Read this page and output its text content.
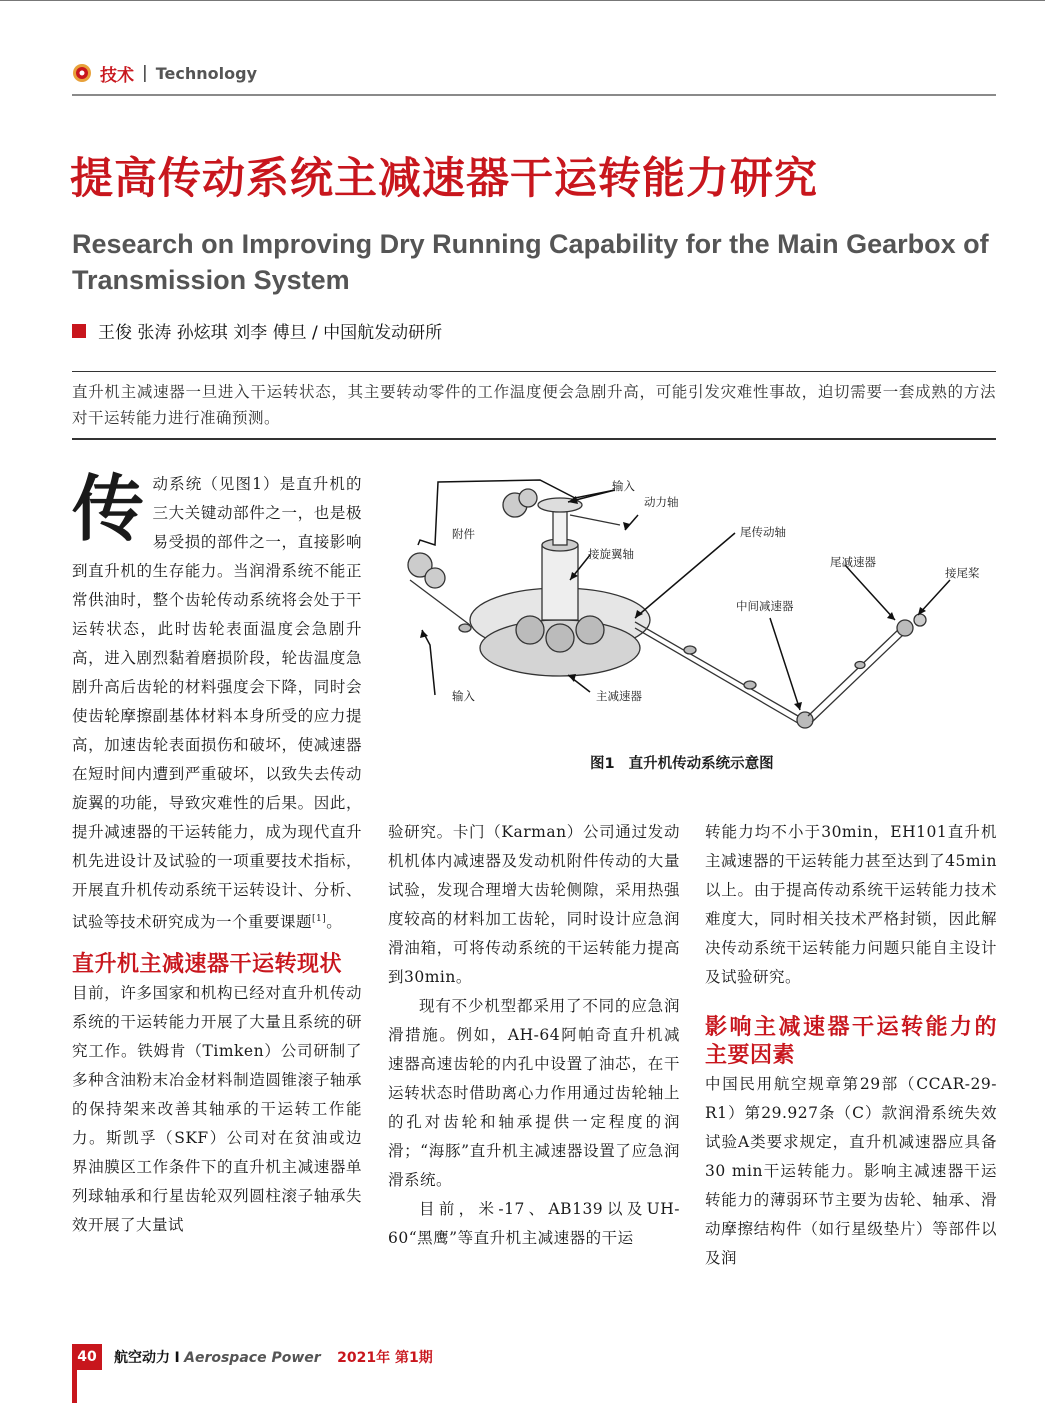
技术 | Technology
提高传动系统主减速器干运转能力研究
Research on Improving Dry Running Capability for the Main Gearbox of Transmission System
王俊 张涛 孙炫琪 刘李 傅旦 / 中国航发动研所
直升机主减速器一旦进入干运转状态，其主要转动零件的工作温度便会急剧升高，可能引发灾难性事故，迫切需要一套成熟的方法对干运转能力进行准确预测。

传动系统（见图1）是直升机的三大关键动部件之一，也是极易受损的部件之一，直接影响到直升机的生存能力。当润滑系统不能正常供油时，整个齿轮传动系统将会处于干运转状态，此时齿轮表面温度会急剧升高，进入剧烈黏着磨损阶段，轮齿温度急剧升高后齿轮的材料强度会下降，同时会使齿轮摩擦副基体材料本身所受的应力提高，加速齿轮表面损伤和破坏，使减速器在短时间内遭到严重破坏，以致失去传动旋翼的功能，导致灾难性的后果。因此，提升减速器的干运转能力，成为现代直升机先进设计及试验的一项重要技术指标，开展直升机传动系统干运转设计、分析、试验等技术研究成为一个重要课题[1]。

直升机主减速器干运转现状

目前，许多国家和机构已经对直升机传动系统的干运转能力开展了大量且系统的研究工作。铁姆肯（Timken）公司研制了多种含油粉末冶金材料制造圆锥滚子轴承的保持架来改善其轴承的干运转工作能力。斯凯孚（SKF）公司对在贫油或边界油膜区工作条件下的直升机主减速器单列球轴承和行星齿轮双列圆柱滚子轴承失效开展了大量试

输入
动力轴
附件
接旋翼轴
尾传动轴
尾减速器
接尾桨
中间减速器
输入	主减速器
图1 直升机传动系统示意图

验研究。卡门（Karman）公司通过发动机机体内减速器及发动机附件传动的大量试验，发现合理增大齿轮侧隙，采用热强度较高的材料加工齿轮，同时设计应急润滑油箱，可将传动系统的干运转能力提高到30min。

现有不少机型都采用了不同的应急润滑措施。例如，AH-64阿帕奇直升机减速器高速齿轮的内孔中设置了油芯，在干运转状态时借助离心力作用通过齿轮轴上的孔对齿轮和轴承提供一定程度的润滑；“海豚”直升机主减速器设置了应急润滑系统。

目前，米-17、AB139以及UH-60“黑鹰”等直升机主减速器的干运

转能力均不小于30min，EH101直升机主减速器的干运转能力甚至达到了45min以上。由于提高传动系统干运转能力技术难度大，同时相关技术严格封锁，因此解决传动系统干运转能力问题只能自主设计及试验研究。

影响主减速器干运转能力的主要因素

中国民用航空规章第29部（CCAR-29-R1）第29.927条（C）款润滑系统失效试验A类要求规定，直升机减速器应具备30 min干运转能力。影响主减速器干运转能力的薄弱环节主要为齿轮、轴承、滑动摩擦结构件（如行星级垫片）等部件以及润

40	航空动力 I Aerospace Power 2021年 第1期
